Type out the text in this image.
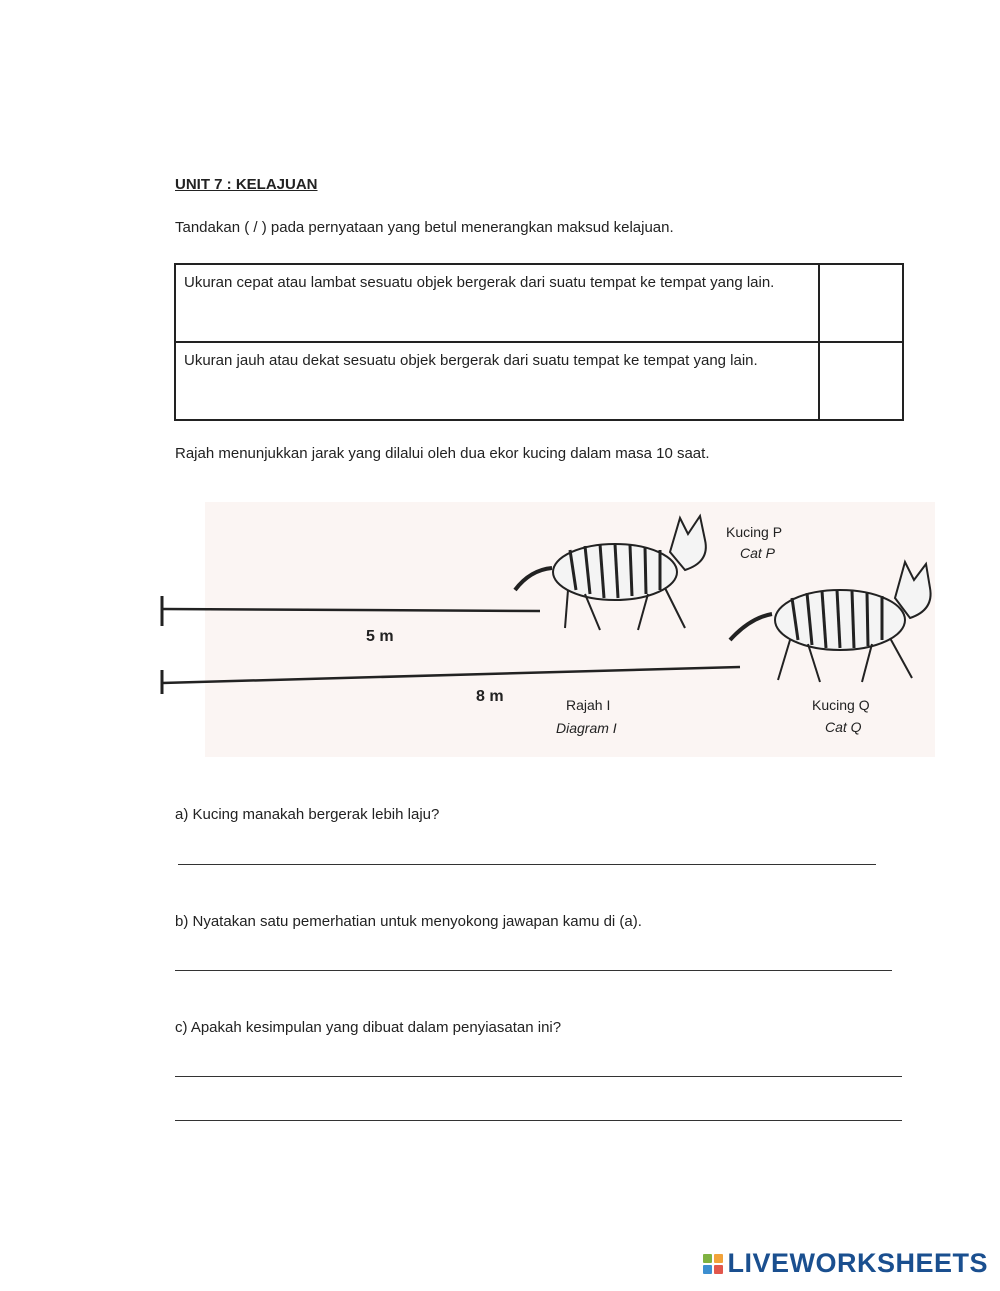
UNIT 7 : KELAJUAN
Tandakan ( / ) pada pernyataan yang betul menerangkan maksud kelajuan.
Ukuran cepat atau lambat sesuatu objek bergerak dari suatu tempat ke tempat yang lain.	
Ukuran jauh atau dekat sesuatu objek bergerak dari suatu tempat ke tempat yang lain.	
Rajah menunjukkan jarak yang dilalui oleh dua ekor kucing dalam masa 10 saat.
5 m
8 m
Kucing P
Cat P
Kucing Q
Cat Q
Rajah I
Diagram I
a) Kucing manakah bergerak lebih laju?
b) Nyatakan satu pemerhatian untuk menyokong jawapan kamu di (a).
c) Apakah kesimpulan yang dibuat dalam penyiasatan ini?
LIVEWORKSHEETS
